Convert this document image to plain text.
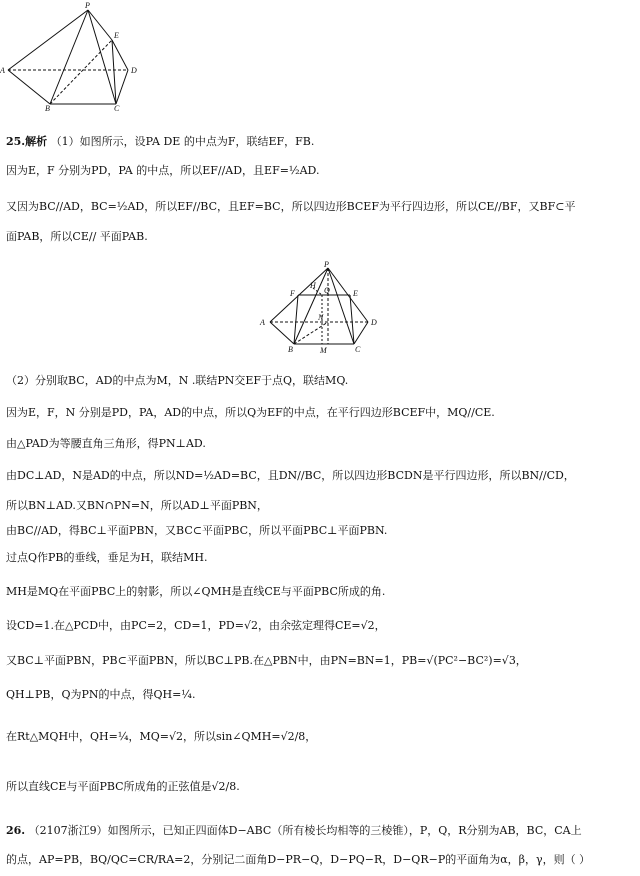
P
E
A	D
B	C
25.解析 （1）如图所示，设PA DE 的中点为F，联结EF，FB.
因为E，F 分别为PD，PA 的中点，所以EF//AD，且EF=½AD.
又因为BC//AD，BC=½AD，所以EF//BC，且EF=BC，所以四边形BCEF为平行四边形，所以CE//BF，又BF⊂平
面PAB，所以CE// 平面PAB.
P
F	E
H
Q
A	D
N
M
B	C
（2）分别取BC，AD的中点为M，N .联结PN交EF于点Q，联结MQ.
因为E，F，N 分别是PD，PA，AD的中点，所以Q为EF的中点，在平行四边形BCEF中，MQ//CE.
由△PAD为等腰直角三角形，得PN⊥AD.
由DC⊥AD，N是AD的中点，所以ND=½AD=BC，且DN//BC，所以四边形BCDN是平行四边形，所以BN//CD，
所以BN⊥AD.又BN∩PN=N，所以AD⊥平面PBN，
由BC//AD，得BC⊥平面PBN，又BC⊂平面PBC，所以平面PBC⊥平面PBN.
过点Q作PB的垂线，垂足为H，联结MH.
MH是MQ在平面PBC上的射影，所以∠QMH是直线CE与平面PBC所成的角.
设CD=1.在△PCD中，由PC=2，CD=1，PD=√2，由余弦定理得CE=√2，
又BC⊥平面PBN，PB⊂平面PBN，所以BC⊥PB.在△PBN中，由PN=BN=1，PB=√(PC²−BC²)=√3，
QH⊥PB，Q为PN的中点，得QH=¼.
在Rt△MQH中，QH=¼，MQ=√2，所以sin∠QMH=√2/8，
所以直线CE与平面PBC所成角的正弦值是√2/8.
26. （2107浙江9）如图所示，已知正四面体D−ABC（所有棱长均相等的三棱锥），P，Q，R分别为AB，BC，CA上
的点，AP=PB，BQ/QC=CR/RA=2，分别记二面角D−PR−Q，D−PQ−R，D−QR−P的平面角为α，β，γ，则（ ）
